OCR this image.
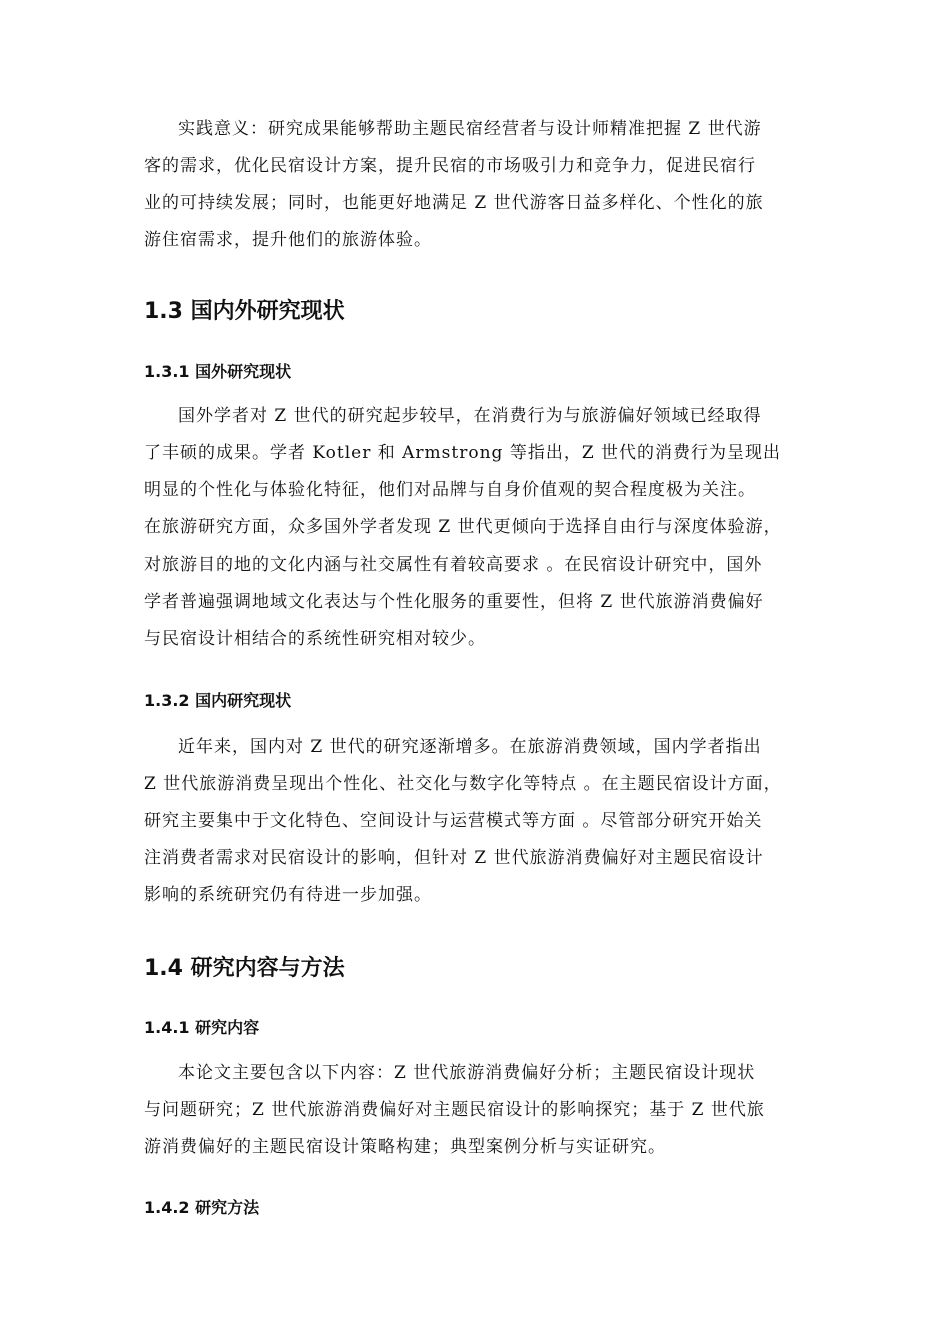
实践意义：研究成果能够帮助主题民宿经营者与设计师精准把握 Z 世代游
客的需求，优化民宿设计方案，提升民宿的市场吸引力和竞争力，促进民宿行
业的可持续发展；同时，也能更好地满足 Z 世代游客日益多样化、个性化的旅
游住宿需求，提升他们的旅游体验。
1.3 国内外研究现状
1.3.1 国外研究现状
国外学者对 Z 世代的研究起步较早，在消费行为与旅游偏好领域已经取得
了丰硕的成果。学者 Kotler 和 Armstrong 等指出，Z 世代的消费行为呈现出
明显的个性化与体验化特征，他们对品牌与自身价值观的契合程度极为关注。
在旅游研究方面，众多国外学者发现 Z 世代更倾向于选择自由行与深度体验游，
对旅游目的地的文化内涵与社交属性有着较高要求 。在民宿设计研究中，国外
学者普遍强调地域文化表达与个性化服务的重要性，但将 Z 世代旅游消费偏好
与民宿设计相结合的系统性研究相对较少。
1.3.2 国内研究现状
近年来，国内对 Z 世代的研究逐渐增多。在旅游消费领域，国内学者指出
Z 世代旅游消费呈现出个性化、社交化与数字化等特点 。在主题民宿设计方面，
研究主要集中于文化特色、空间设计与运营模式等方面 。尽管部分研究开始关
注消费者需求对民宿设计的影响，但针对 Z 世代旅游消费偏好对主题民宿设计
影响的系统研究仍有待进一步加强。
1.4 研究内容与方法
1.4.1 研究内容
本论文主要包含以下内容：Z 世代旅游消费偏好分析；主题民宿设计现状
与问题研究；Z 世代旅游消费偏好对主题民宿设计的影响探究；基于 Z 世代旅
游消费偏好的主题民宿设计策略构建；典型案例分析与实证研究。
1.4.2 研究方法
